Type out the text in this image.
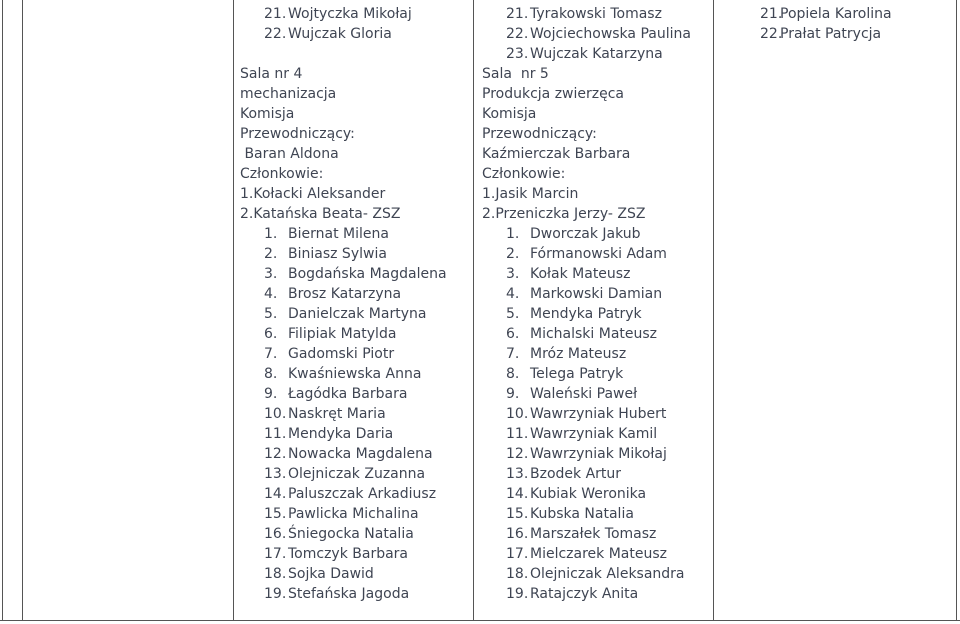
21. Wojtyczka Mikołaj
22. Wujczak Gloria
Sala nr 4
mechanizacja
Komisja
Przewodniczący:
Baran Aldona
Członkowie:
1.Kołacki Aleksander
2.Katańska Beata- ZSZ
1. Biernat Milena
2. Biniasz Sylwia
3. Bogdańska Magdalena
4. Brosz Katarzyna
5. Danielczak Martyna
6. Filipiak Matylda
7. Gadomski Piotr
8. Kwaśniewska Anna
9. Łagódka Barbara
10. Naskręt Maria
11. Mendyka Daria
12. Nowacka Magdalena
13. Olejniczak Zuzanna
14. Paluszczak Arkadiusz
15. Pawlicka Michalina
16. Śniegocka Natalia
17. Tomczyk Barbara
18. Sojka Dawid
19. Stefańska Jagoda
21. Tyrakowski Tomasz
22. Wojciechowska Paulina
23. Wujczak Katarzyna
Sala  nr 5
Produkcja zwierzęca
Komisja
Przewodniczący:
Kaźmierczak Barbara
Członkowie:
1.Jasik Marcin
2.Przeniczka Jerzy- ZSZ
1. Dworczak Jakub
2. Fórmanowski Adam
3. Kołak Mateusz
4. Markowski Damian
5. Mendyka Patryk
6. Michalski Mateusz
7. Mróz Mateusz
8. Telega Patryk
9. Waleński Paweł
10. Wawrzyniak Hubert
11. Wawrzyniak Kamil
12. Wawrzyniak Mikołaj
13. Bzodek Artur
14. Kubiak Weronika
15. Kubska Natalia
16. Marszałek Tomasz
17. Mielczarek Mateusz
18. Olejniczak Aleksandra
19. Ratajczyk Anita
21.Popiela Karolina
22.Prałat Patrycja
